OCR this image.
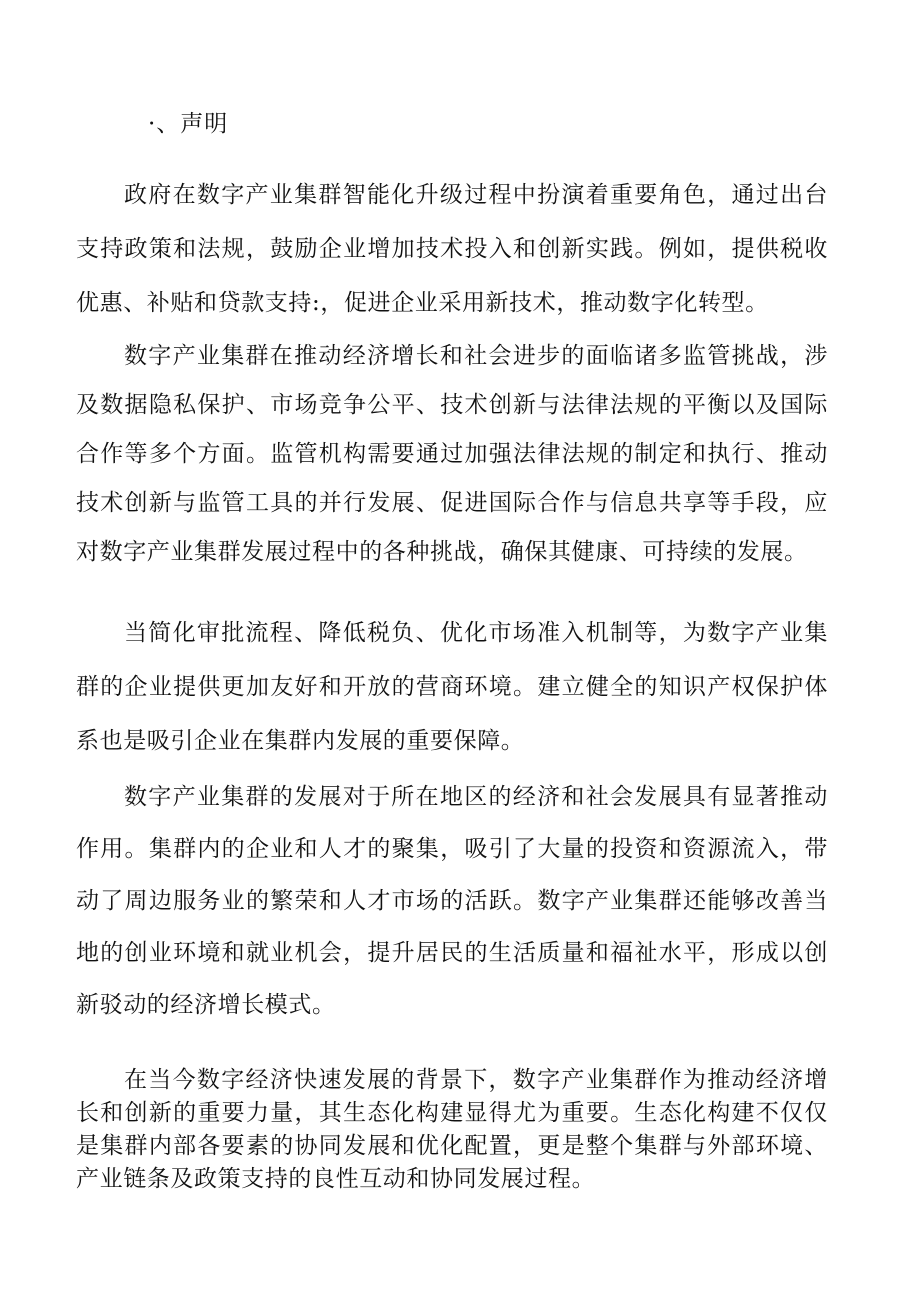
·、声明

政府在数字产业集群智能化升级过程中扮演着重要角色，通过出台支持政策和法规，鼓励企业增加技术投入和创新实践。例如，提供税收优惠、补贴和贷款支持:，促进企业采用新技术，推动数字化转型。

数字产业集群在推动经济增长和社会进步的面临诸多监管挑战，涉及数据隐私保护、市场竞争公平、技术创新与法律法规的平衡以及国际合作等多个方面。监管机构需要通过加强法律法规的制定和执行、推动技术创新与监管工具的并行发展、促进国际合作与信息共享等手段，应对数字产业集群发展过程中的各种挑战，确保其健康、可持续的发展。

当简化审批流程、降低税负、优化市场准入机制等，为数字产业集群的企业提供更加友好和开放的营商环境。建立健全的知识产权保护体系也是吸引企业在集群内发展的重要保障。

数字产业集群的发展对于所在地区的经济和社会发展具有显著推动作用。集群内的企业和人才的聚集，吸引了大量的投资和资源流入，带动了周边服务业的繁荣和人才市场的活跃。数字产业集群还能够改善当地的创业环境和就业机会，提升居民的生活质量和福祉水平，形成以创新驳动的经济增长模式。

在当今数字经济快速发展的背景下，数字产业集群作为推动经济增长和创新的重要力量，其生态化构建显得尤为重要。生态化构建不仅仅是集群内部各要素的协同发展和优化配置，更是整个集群与外部环境、产业链条及政策支持的良性互动和协同发展过程。
